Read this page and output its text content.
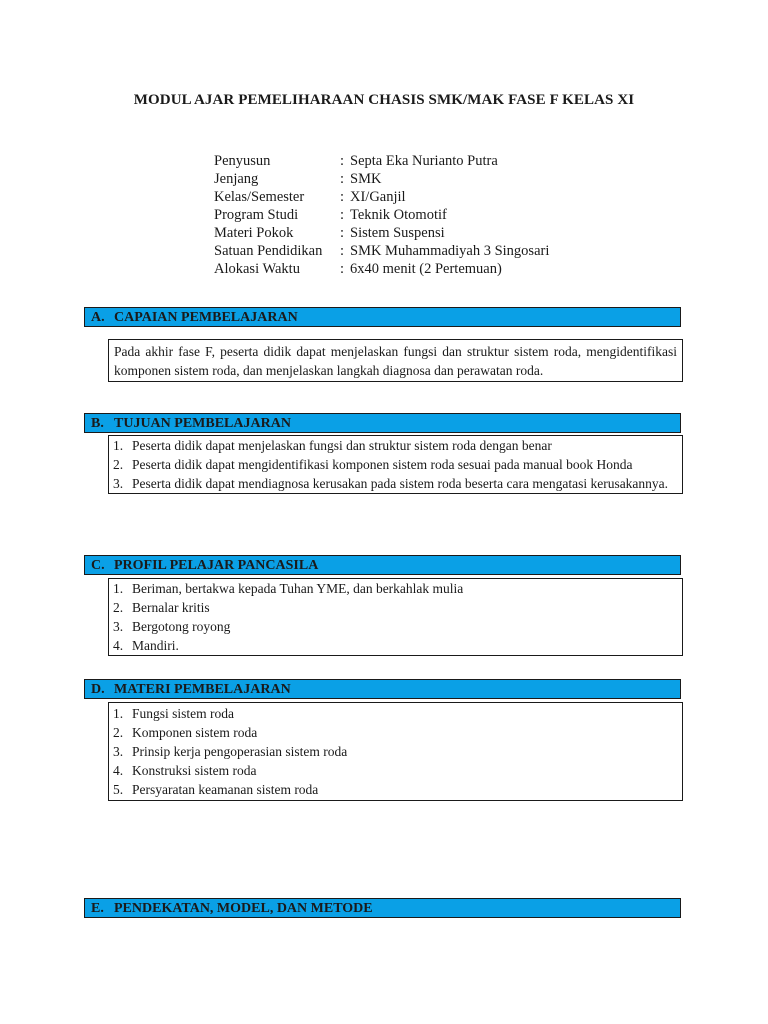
MODUL AJAR PEMELIHARAAN CHASIS SMK/MAK FASE F KELAS XI
Penyusun	: Septa Eka Nurianto Putra
Jenjang	: SMK
Kelas/Semester	: XI/Ganjil
Program Studi	: Teknik Otomotif
Materi Pokok	: Sistem Suspensi
Satuan Pendidikan	: SMK Muhammadiyah 3 Singosari
Alokasi Waktu	: 6x40 menit (2 Pertemuan)
A. CAPAIAN PEMBELAJARAN
Pada akhir fase F, peserta didik dapat menjelaskan fungsi dan struktur sistem roda, mengidentifikasi komponen sistem roda, dan menjelaskan langkah diagnosa dan perawatan roda.
B. TUJUAN PEMBELAJARAN
1. Peserta didik dapat menjelaskan fungsi dan struktur sistem roda dengan benar
2. Peserta didik dapat mengidentifikasi komponen sistem roda sesuai pada manual book Honda
3. Peserta didik dapat mendiagnosa kerusakan pada sistem roda beserta cara mengatasi kerusakannya.
C. PROFIL PELAJAR PANCASILA
1. Beriman, bertakwa kepada Tuhan YME, dan berkahlak mulia
2. Bernalar kritis
3. Bergotong royong
4. Mandiri.
D. MATERI PEMBELAJARAN
1. Fungsi sistem roda
2. Komponen sistem roda
3. Prinsip kerja pengoperasian sistem roda
4. Konstruksi sistem roda
5. Persyaratan keamanan sistem roda
E. PENDEKATAN, MODEL, DAN METODE
